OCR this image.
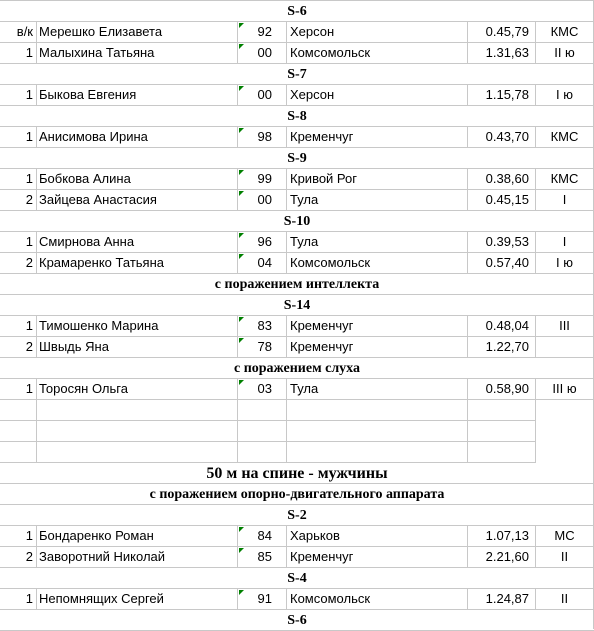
S-6
в/к Мерешко Елизавета	92	Херсон	0.45,79	КМС
1 Малыхина Татьяна	00	Комсомольск	1.31,63	II ю
S-7
1 Быкова Евгения	00	Херсон	1.15,78	I ю
S-8
1 Анисимова Ирина	98	Кременчуг	0.43,70	КМС
S-9
1 Бобкова Алина	99	Кривой Рог	0.38,60	КМС
2 Зайцева Анастасия	00	Тула	0.45,15	I
S-10
1 Смирнова Анна	96	Тула	0.39,53	I
2 Крамаренко Татьяна	04	Комсомольск	0.57,40	I ю
с поражением интеллекта
S-14
1 Тимошенко Марина	83	Кременчуг	0.48,04	III
2 Швыдь Яна	78	Кременчуг	1.22,70
с поражением слуха
1 Торосян Ольга	03	Тула	0.58,90	III ю
50 м на спине - мужчины
с поражением опорно-двигательного аппарата
S-2
1 Бондаренко Роман	84	Харьков	1.07,13	МС
2 Заворотний Николай	85	Кременчуг	2.21,60	II
S-4
1 Непомнящих Сергей	91	Комсомольск	1.24,87	II
S-6
